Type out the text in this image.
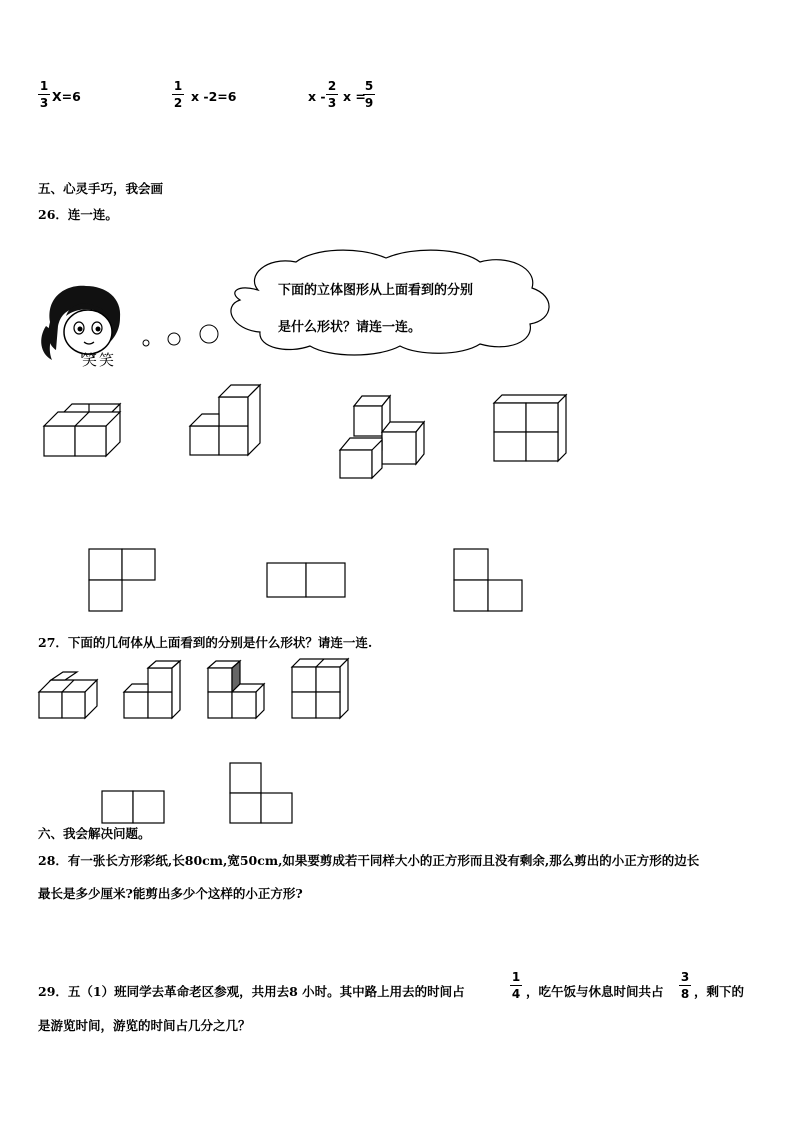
1
3 X=6
1
2 x -2=6	x -
2
3 x =
5
9
五、心灵手巧，我会画
26．连一连。
笑笑
下面的立体图形从上面看到的分别
是什么形状？请连一连。
27．下面的几何体从上面看到的分别是什么形状？请连一连.
六、我会解决问题。
28．有一张长方形彩纸,长80cm,宽50cm,如果要剪成若干同样大小的正方形而且没有剩余,那么剪出的小正方形的边长
最长是多少厘米?能剪出多少个这样的小正方形?
29．五（1）班同学去革命老区参观，共用去8 小时。其中路上用去的时间占
1
4 ，吃午饭与休息时间共占
3
8 ，剩下的
是游览时间，游览的时间占几分之几？
